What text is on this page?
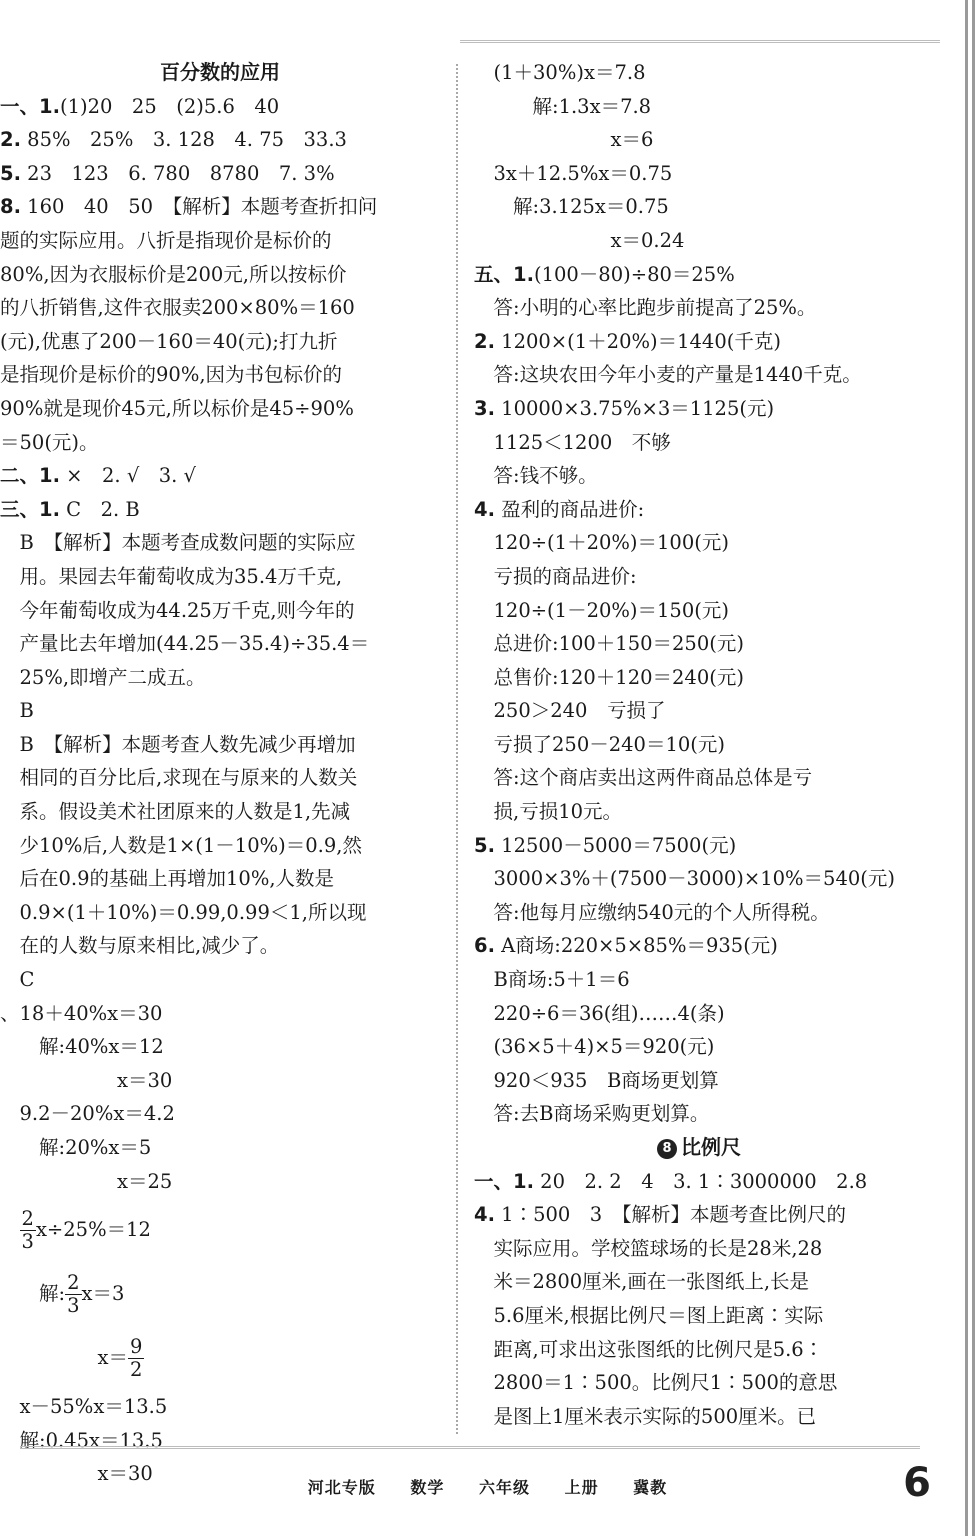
百分数的应用
一、1.(1)20　25　(2)5.6　40
2. 85%　25%　3. 128　4. 75　33.3
5. 23　123　6. 780　8780　7. 3%
8. 160　40　50　【解析】本题考查折扣问
题的实际应用。八折是指现价是标价的
80%,因为衣服标价是200元,所以按标价
的八折销售,这件衣服卖200×80%＝160
(元),优惠了200－160＝40(元);打九折
是指现价是标价的90%,因为书包标价的
90%就是现价45元,所以标价是45÷90%
＝50(元)。
二、1. ×　2. √　3. √
三、1. C　2. B
　B　【解析】本题考查成数问题的实际应
　用。果园去年葡萄收成为35.4万千克,
　今年葡萄收成为44.25万千克,则今年的
　产量比去年增加(44.25－35.4)÷35.4＝
　25%,即增产二成五。
　B
　B　【解析】本题考查人数先减少再增加
　相同的百分比后,求现在与原来的人数关
　系。假设美术社团原来的人数是1,先减
　少10%后,人数是1×(1－10%)＝0.9,然
　后在0.9的基础上再增加10%,人数是
　0.9×(1＋10%)＝0.99,0.99＜1,所以现
　在的人数与原来相比,减少了。
　C
、18＋40%x＝30
　　解:40%x＝12
　　　　　　x＝30
　9.2－20%x＝4.2
　　解:20%x＝5
　　　　　　x＝25

$\frac{2}{3} x\div 25\%=12$
　　解: $\frac{2}{3} x=3$
　　　　　$x= \frac{9}{2}$
　x－55%x＝13.5
　解:0.45x＝13.5
　　　　　x＝30
　(1＋30%)x＝7.8
　　　解:1.3x＝7.8
　　　　　　　x＝6
　3x＋12.5%x＝0.75
　　解:3.125x＝0.75
　　　　　　　x＝0.24
五、1.(100－80)÷80＝25%
　答:小明的心率比跑步前提高了25%。
2. 1200×(1＋20%)＝1440(千克)
　答:这块农田今年小麦的产量是1440千克。
3. 10000×3.75%×3＝1125(元)
　1125＜1200　不够
　答:钱不够。
4. 盈利的商品进价:
　120÷(1＋20%)＝100(元)
　亏损的商品进价:
　120÷(1－20%)＝150(元)
　总进价:100＋150＝250(元)
　总售价:120＋120＝240(元)
　250＞240　亏损了
　亏损了250－240＝10(元)
　答:这个商店卖出这两件商品总体是亏
　损,亏损10元。
5. 12500－5000＝7500(元)
　3000×3%＋(7500－3000)×10%＝540(元)
　答:他每月应缴纳540元的个人所得税。
6. A商场:220×5×85%＝935(元)
　B商场:5＋1＝6
　220÷6＝36(组)……4(条)
　(36×5＋4)×5＝920(元)
　920＜935　B商场更划算
　答:去B商场采购更划算。
8 比例尺
一、1. 20　2. 2　4　3. 1∶3000000　2.8
4. 1∶500　3　【解析】本题考查比例尺的
　实际应用。学校篮球场的长是28米,28
　米＝2800厘米,画在一张图纸上,长是
　5.6厘米,根据比例尺＝图上距离∶实际
　距离,可求出这张图纸的比例尺是5.6∶
　2800＝1∶500。比例尺1∶500的意思
　是图上1厘米表示实际的500厘米。已
河北专版 数学 六年级 上册 冀教	6
